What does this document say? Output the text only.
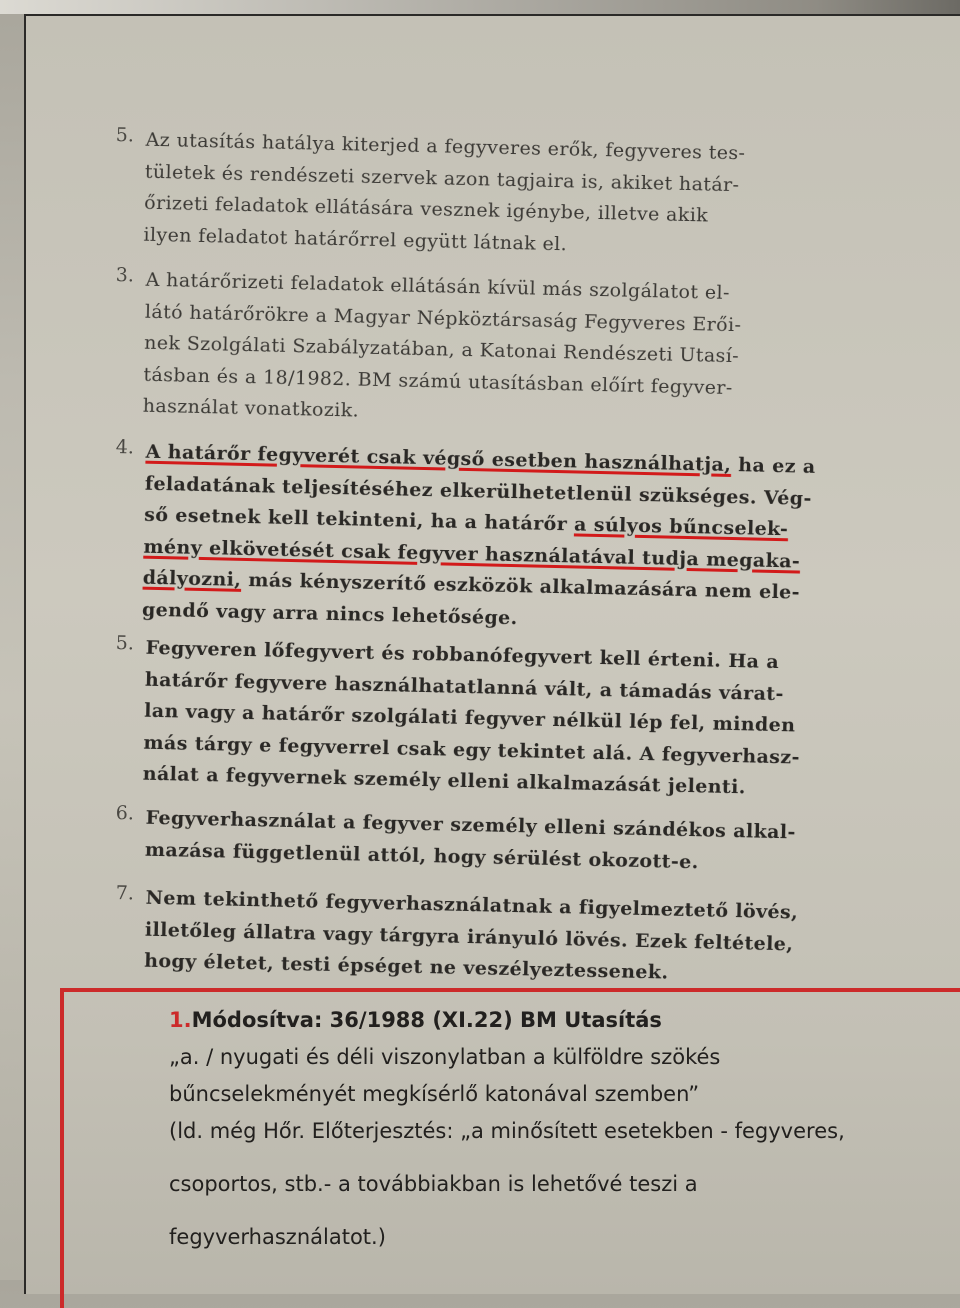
5. Az utasítás hatálya kiterjed a fegyveres erők, fegyveres tes-
tületek és rendészeti szervek azon tagjaira is, akiket határ-
őrizeti feladatok ellátására vesznek igénybe, illetve akik
ilyen feladatot határőrrel együtt látnak el.
3. A határőrizeti feladatok ellátásán kívül más szolgálatot el-
látó határőrökre a Magyar Népköztársaság Fegyveres Erői-
nek Szolgálati Szabályzatában, a Katonai Rendészeti Utasí-
tásban és a 18/1982. BM számú utasításban előírt fegyver-
használat vonatkozik.
4. A határőr fegyverét csak végső esetben használhatja, ha ez a
feladatának teljesítéséhez elkerülhetetlenül szükséges. Vég-
ső esetnek kell tekinteni, ha a határőr a súlyos bűncselek-
mény elkövetését csak fegyver használatával tudja megaka-
dályozni, más kényszerítő eszközök alkalmazására nem ele-
gendő vagy arra nincs lehetősége.
5. Fegyveren lőfegyvert és robbanófegyvert kell érteni. Ha a
határőr fegyvere használhatatlanná vált, a támadás várat-
lan vagy a határőr szolgálati fegyver nélkül lép fel, minden
más tárgy e fegyverrel csak egy tekintet alá. A fegyverhasz-
nálat a fegyvernek személy elleni alkalmazását jelenti.
6. Fegyverhasználat a fegyver személy elleni szándékos alkal-
mazása függetlenül attól, hogy sérülést okozott-e.
7. Nem tekinthető fegyverhasználatnak a figyelmeztető lövés,
illetőleg állatra vagy tárgyra irányuló lövés. Ezek feltétele,
hogy életet, testi épséget ne veszélyeztessenek.
1.Módosítva: 36/1988 (XI.22) BM Utasítás
„a. / nyugati és déli viszonylatban a külföldre szökés
bűncselekményét megkísérlő katonával szemben”
(ld. még Hőr. Előterjesztés: „a minősített esetekben - fegyveres,
csoportos, stb.- a továbbiakban is lehetővé teszi a
fegyverhasználatot.)
